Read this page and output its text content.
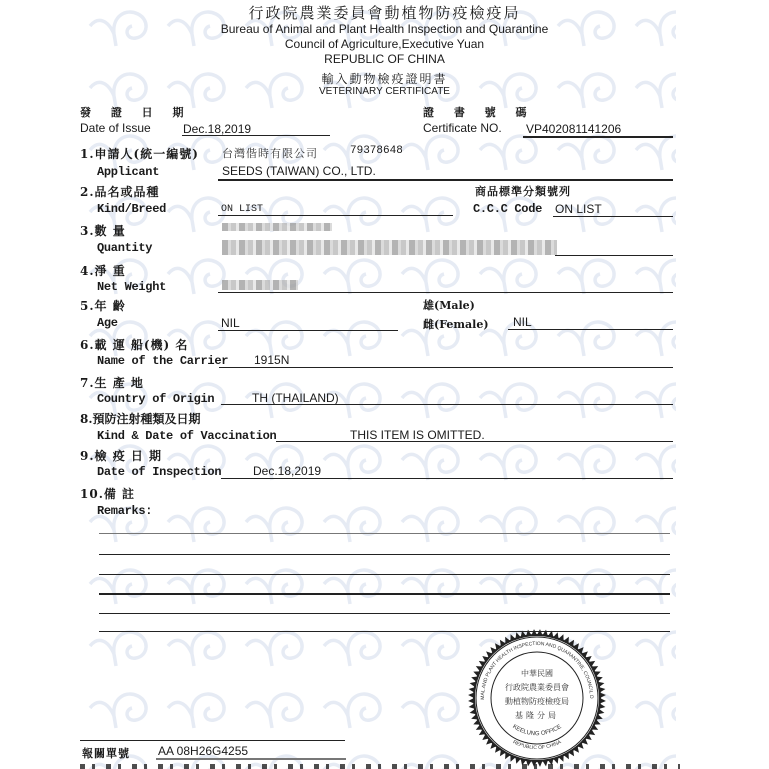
行政院農業委員會動植物防疫檢疫局
Bureau of Animal and Plant Health Inspection and Quarantine
Council of Agriculture,Executive Yuan
REPUBLIC OF CHINA
輸入動物檢疫證明書
VETERINARY CERTIFICATE
發 證 日 期
Date of Issue	Dec.18,2019
證 書 號 碼
Certificate NO. VP402081141206
1.申請人(統一編號)
Applicant
台灣偕時有限公司	79378648
SEEDS (TAIWAN) CO., LTD.
2.品名或品種
Kind/Breed	ON LIST
商品標準分類號列
C.C.C Code ON LIST
3.數 量
Quantity
4.淨 重
Net Weight
5.年 齡
Age	NIL
雄(Male)
雌(Female) NIL
6.載 運 船(機) 名
Name of the Carrier 1915N
7.生 產 地
Country of Origin	TH (THAILAND)
8.預防注射種類及日期
Kind & Date of Vaccination	THIS ITEM IS OMITTED.
9.檢 疫 日 期
Date of Inspection	Dec.18,2019
10.備 註
Remarks:
MAL AND PLANT HEALTH INSPECTION AND QUARANTINE, COUNCIL O
KEELUNG OFFICE
REPUBLIC OF CHINA
中華民國
行政院農業委員會
動植物防疫檢疫局
基隆分局
報關單號 AA 08H26G4255
